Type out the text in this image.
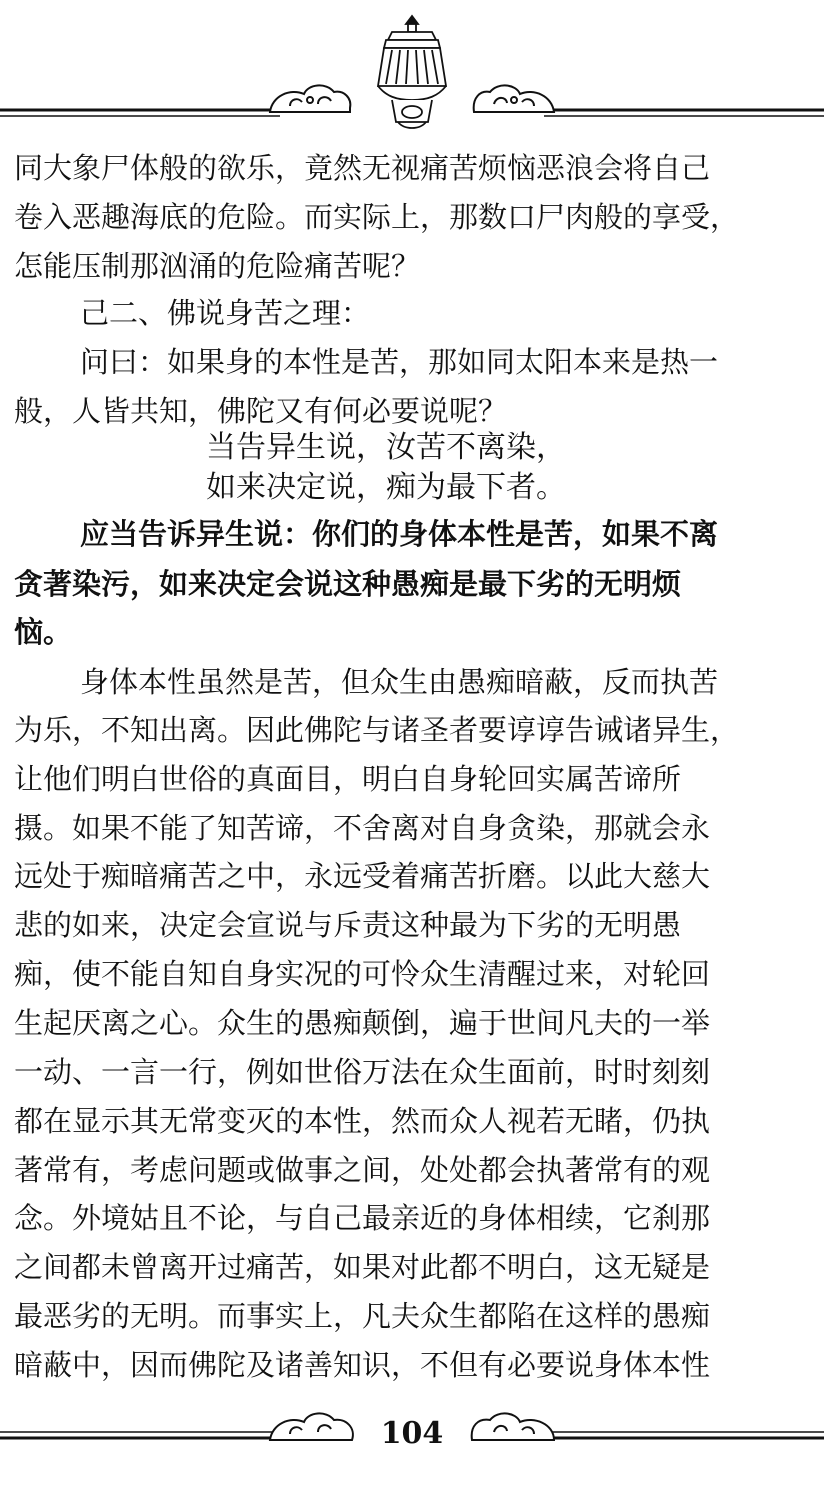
同大象尸体般的欲乐，竟然无视痛苦烦恼恶浪会将自己
卷入恶趣海底的危险。而实际上，那数口尸肉般的享受，
怎能压制那汹涌的危险痛苦呢？
己二、佛说身苦之理：
问曰：如果身的本性是苦，那如同太阳本来是热一
般，人皆共知，佛陀又有何必要说呢？
当告异生说，汝苦不离染，
如来决定说，痴为最下者。
应当告诉异生说：你们的身体本性是苦，如果不离
贪著染污，如来决定会说这种愚痴是最下劣的无明烦
恼。
身体本性虽然是苦，但众生由愚痴暗蔽，反而执苦
为乐，不知出离。因此佛陀与诸圣者要谆谆告诫诸异生，
让他们明白世俗的真面目，明白自身轮回实属苦谛所
摄。如果不能了知苦谛，不舍离对自身贪染，那就会永
远处于痴暗痛苦之中，永远受着痛苦折磨。以此大慈大
悲的如来，决定会宣说与斥责这种最为下劣的无明愚
痴，使不能自知自身实况的可怜众生清醒过来，对轮回
生起厌离之心。众生的愚痴颠倒，遍于世间凡夫的一举
一动、一言一行，例如世俗万法在众生面前，时时刻刻
都在显示其无常变灭的本性，然而众人视若无睹，仍执
著常有，考虑问题或做事之间，处处都会执著常有的观
念。外境姑且不论，与自己最亲近的身体相续，它刹那
之间都未曾离开过痛苦，如果对此都不明白，这无疑是
最恶劣的无明。而事实上，凡夫众生都陷在这样的愚痴
暗蔽中，因而佛陀及诸善知识，不但有必要说身体本性
104
